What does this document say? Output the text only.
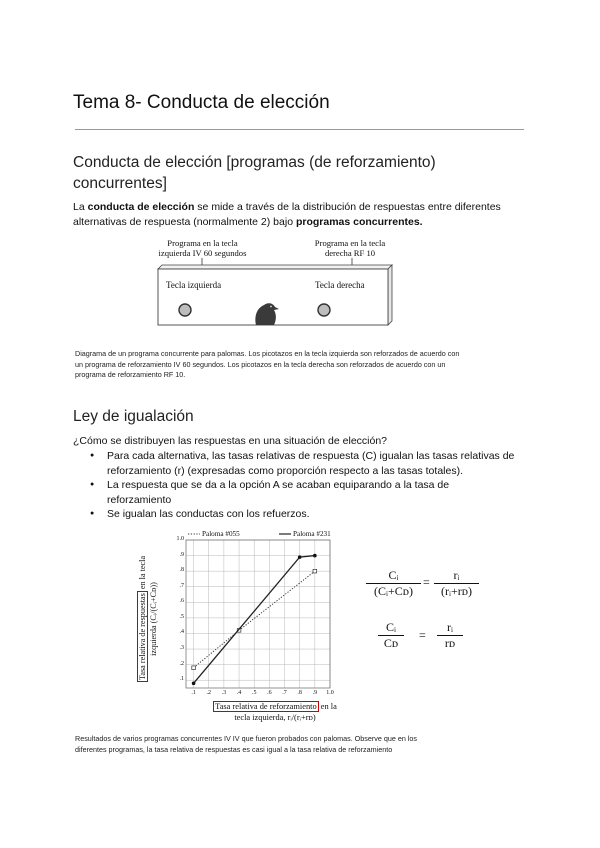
Tema 8- Conducta de elección
Conducta de elección [programas (de reforzamiento) concurrentes]
La conducta de elección se mide a través de la distribución de respuestas entre diferentes alternativas de respuesta (normalmente 2) bajo programas concurrentes.
Programa en la tecla
izquierda IV 60 segundos
Programa en la tecla
derecha RF 10
Tecla izquierda	Tecla derecha
Diagrama de un programa concurrente para palomas. Los picotazos en la tecla izquierda son reforzados de acuerdo con un programa de reforzamiento IV 60 segundos. Los picotazos en la tecla derecha son reforzados de acuerdo con un programa de reforzamiento RF 10.
Ley de igualación
¿Cómo se distribuyen las respuestas en una situación de elección?
● Para cada alternativa, las tasas relativas de respuesta (C) igualan las tasas relativas de reforzamiento (r) (expresadas como proporción respecto a las tasas totales).
● La respuesta que se da a la opción A se acaban equiparando a la tasa de reforzamiento
● Se igualan las conductas con los refuerzos.
Paloma #055	Paloma #231
.1	.2	.3	.4	.5	.6	.7	.8	.9	1.0
.1
.2
.3
.4
.5
.6
.7
.8
.9
1.0
Tasa relativa de respuestas en la tecla
izquierda (Cᵢ/(Cᵢ+Cᴅ))
Tasa relativa de reforzamiento en la
tecla izquierda, rᵢ/(rᵢ+rᴅ)
$\frac{\text{Cᵢ}}{\text{(Cᵢ+Cᴅ)}} = \frac{\text{rᵢ}}{\text{(rᵢ+rᴅ)}}$
$\frac{\text{Cᵢ}}{\text{Cᴅ}} = \frac{\text{rᵢ}}{\text{rᴅ}}$
Resultados de varios programas concurrentes IV IV que fueron probados con palomas. Observe que en los diferentes programas, la tasa relativa de respuestas es casi igual a la tasa relativa de reforzamiento
